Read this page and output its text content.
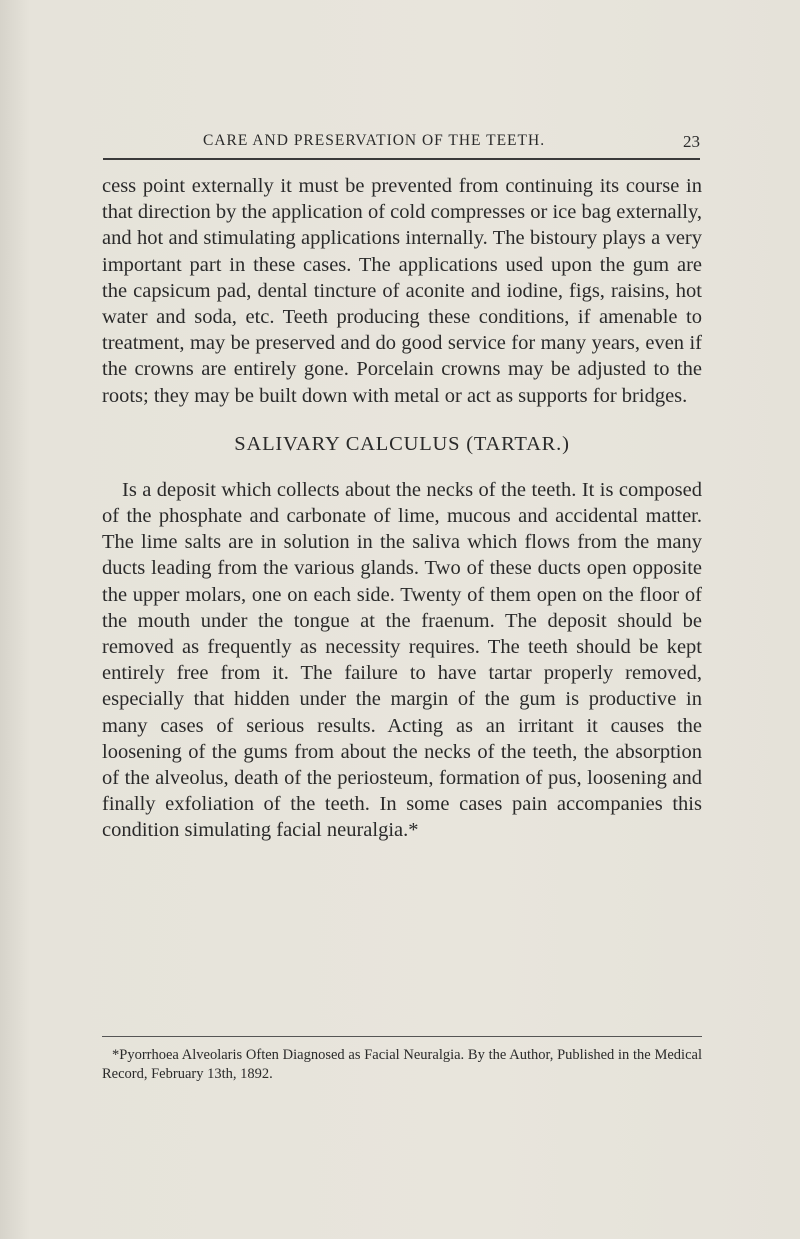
CARE AND PRESERVATION OF THE TEETH.	23

cess point externally it must be prevented from continuing its course in that direction by the application of cold compresses or ice bag externally, and hot and stimulating applications internally. The bistoury plays a very important part in these cases. The applications used upon the gum are the capsicum pad, dental tincture of aconite and iodine, figs, raisins, hot water and soda, etc. Teeth producing these conditions, if amenable to treatment, may be preserved and do good service for many years, even if the crowns are entirely gone. Porcelain crowns may be adjusted to the roots; they may be built down with metal or act as supports for bridges.

SALIVARY CALCULUS (TARTAR.)

Is a deposit which collects about the necks of the teeth. It is composed of the phosphate and carbonate of lime, mucous and accidental matter. The lime salts are in solution in the saliva which flows from the many ducts leading from the various glands. Two of these ducts open opposite the upper molars, one on each side. Twenty of them open on the floor of the mouth under the tongue at the fraenum. The deposit should be removed as frequently as necessity requires. The teeth should be kept entirely free from it. The failure to have tartar properly removed, especially that hidden under the margin of the gum is productive in many cases of serious results. Acting as an irritant it causes the loosening of the gums from about the necks of the teeth, the absorption of the alveolus, death of the periosteum, formation of pus, loosening and finally exfoliation of the teeth. In some cases pain accompanies this condition simulating facial neuralgia.*

*Pyorrhoea Alveolaris Often Diagnosed as Facial Neuralgia. By the Author, Published in the Medical Record, February 13th, 1892.
